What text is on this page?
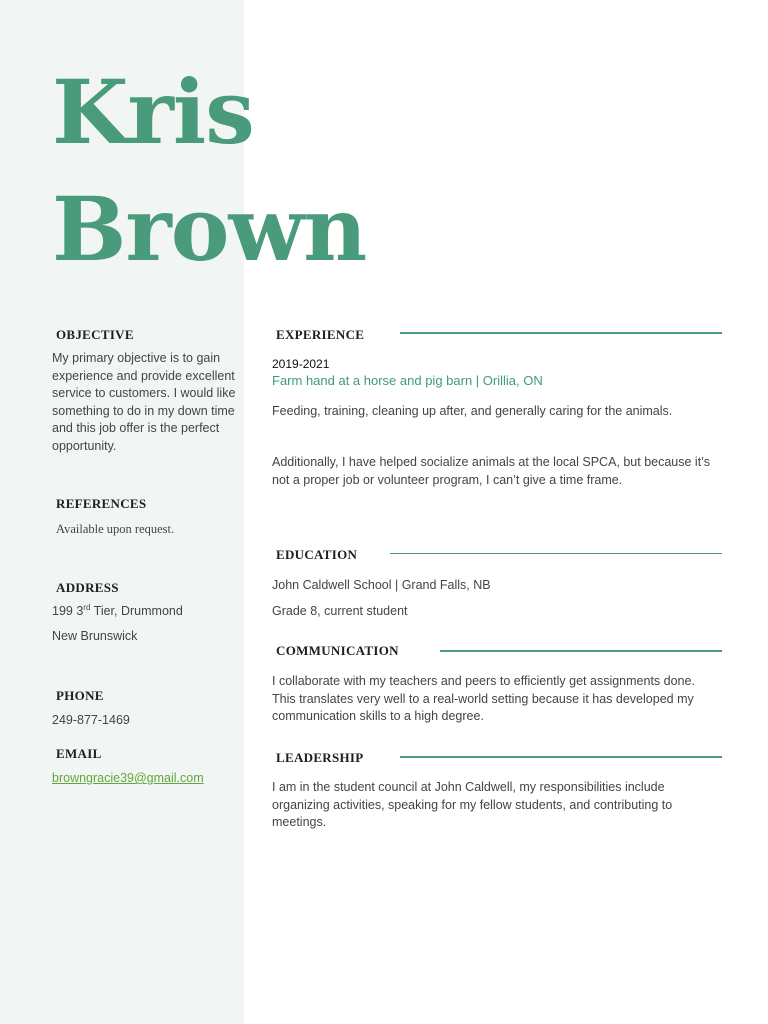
Kris
Brown
OBJECTIVE
My primary objective is to gain experience and provide excellent service to customers. I would like something to do in my down time and this job offer is the perfect opportunity.
REFERENCES
Available upon request.
ADDRESS
199 3rd Tier, Drummond
New Brunswick
PHONE
249-877-1469
EMAIL
browngracie39@gmail.com
EXPERIENCE
2019-2021
Farm hand at a horse and pig barn | Orillia, ON
Feeding, training, cleaning up after, and generally caring for the animals.
Additionally, I have helped socialize animals at the local SPCA, but because it’s not a proper job or volunteer program, I can’t give a time frame.
EDUCATION
John Caldwell School | Grand Falls, NB
Grade 8, current student
COMMUNICATION
I collaborate with my teachers and peers to efficiently get assignments done. This translates very well to a real-world setting because it has developed my communication skills to a high degree.
LEADERSHIP
I am in the student council at John Caldwell, my responsibilities include organizing activities, speaking for my fellow students, and contributing to meetings.
